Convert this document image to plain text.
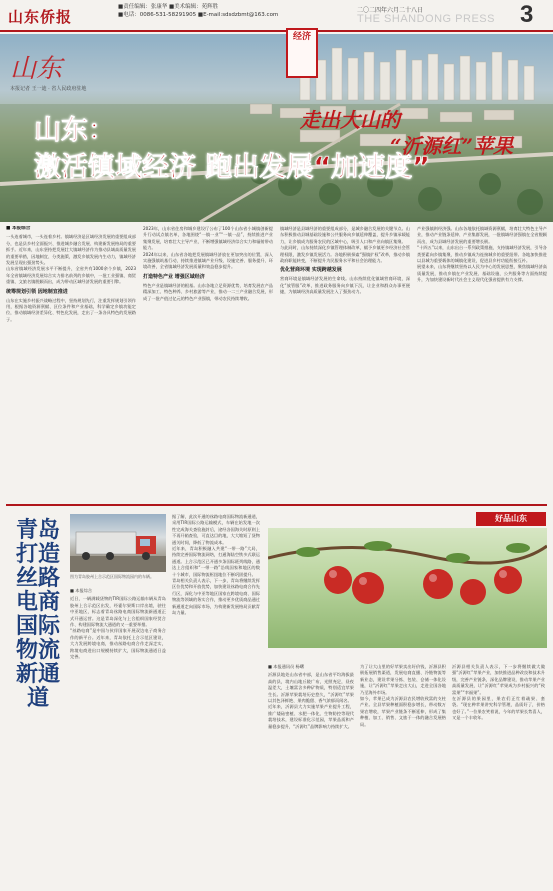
山东侨报
■责任编辑：张康华 ■美术编辑：苑辉胜
■电话：0086-531-58291905 ■E-mail:sdsdzbmt@163.com
二〇二四年六月二十八日
THE SHANDONG PRESS 3
山东
本报记者 王一迪 · 省人民政府驻地
山东：
激活镇域经济 跑出发展“加速度”
经济
■ 本报综合

一头连着城市，一头连着乡村。镇域经济是区域经济发展的重要组成部分，也是县乡村全面振兴、推进城乡融合发展、构建新发展格局的重要抓手。近年来，山东坚持把发展壮大镇域经济作为推动县域高质量发展的重要举措，因地制宜、分类施策，激发乡镇发展内生动力，镇域经济发展呈现出强劲势头。

山东省镇域经济发展水平不断提升，全省共有1000余个乡镇，2023年全省镇域经济发展综合实力排名前列的乡镇中，一批工业强镇、商贸重镇、文旅名镇脱颖而出，成为带动区域经济发展的重要引擎。

统筹规划引领 因地制宜推进

山东在实施乡村振兴战略过程中，坚持规划先行，注重发挥规划引领作用，根据各地资源禀赋、区位条件和产业基础，科学确定乡镇功能定位，推动镇域经济差异化、特色化发展，走出了一条各具特色的发展路子。

2023年，山东省住房和城乡建设厅公布了100个山东省小城镇创新提升行动试点镇名单，各地围绕“一镇一业”“一镇一品”，持续推进产业集聚发展，培育壮大主导产业，不断增强镇域经济综合实力和辐射带动能力。

2024年以来，山东省各地把发展镇域经济放在更加突出的位置，深入实施强镇筑基行动，持续推进镇域产业升级、设施完善、服务提升、环境改善，全省镇域经济发展质量和效益稳步提升。

打造特色产业 增强区域经济

特色产业是镇域经济的根基。山东各地立足资源优势，培育发展农产品精深加工、特色种养、乡村旅游等产业，推动一二三产业融合发展，形成了一批产值过亿元的特色产业强镇，带动农民持续增收。

镇域经济是县域经济的重要组成部分，是城乡融合发展的关键节点。山东积极推动县城基础设施和公共服务向乡镇延伸覆盖，提升乡镇承载能力，让乡镇成为服务农民的区域中心，吸引人口和产业向镇区集聚。

与此同时，山东持续深化乡镇管理体制改革，赋予乡镇更多经济社会管理权限，激发乡镇发展活力。各地积极探索“强镇扩权”改革，推动乡镇政府职能转变，不断提升为民服务水平和社会治理能力。

优化营商环境 实现跨越发展

营商环境是镇域经济发展的生命线。山东持续优化镇域营商环境，深化“放管服”改革，推进政务服务向乡镇下沉，让企业和群众办事更便捷，为镇域经济高质量发展注入了强劲动力。

产业强镇则经济强。山东各地依托镇域资源禀赋，培育壮大特色主导产业，推动产业链条延伸、产业集群发展，一批镇域经济强镇在全省脱颖而出，成为县域经济发展的重要增长极。

“十四五”以来，山东出台一系列政策措施，支持镇域经济发展，引导各类要素向乡镇集聚，推动乡镇成为连接城乡的重要纽带。各地加快推进以县城为重要载体的城镇化建设，促进县乡村功能衔接互补。

展望未来，山东将继续坚持以人民为中心的发展思想，聚焦镇域经济高质量发展，推动乡镇在产业发展、基础设施、公共服务等方面持续提升，为加快建设新时代社会主义现代化强省提供有力支撑。

青岛打造丝路电商国际物流新通道
图为青岛胶州上合示范区国际物流园内的车辆。
■ 本报综合

近日，一辆满载货物的TIR国际公路运输车辆从青岛胶州上合示范区出发，经霍尔果斯口岸出境，驶往中亚地区，标志着青岛丝路电商国际物流新通道正式开通运营。这是青岛深化与上合组织国家经贸合作、构建国际物流大通道的又一重要举措。

“丝路电商”是中国与伙伴国家开展双边电子商务合作的新平台。近年来，青岛依托上合示范区建设，大力发展跨境电商，推动丝路电商合作走深走实，跨境电商进出口规模持续扩大，国际物流通道日益完善。

据了解，此次开通的丝路电商国际物流新通道，采用TIR国际公路运输模式，车辆在始发地一次性完成海关查验施封后，途经各国海关时原则上不再开箱查验，可直达目的地，大大缩短了货物通关时间，降低了物流成本。

近年来，青岛积极融入共建“一带一路”大局，持续完善国际物流网络，打通海陆空铁多式联运通道。上合示范区已开通多条国际班列线路，通达上合组织和“一带一路”沿线国家和地区的数十个城市，国际物流枢纽地位不断巩固提升。

青岛相关负责人表示，下一步，青岛将继续发挥区位优势和开放优势，加快建设丝路电商合作先行区，深化与中亚等地区国家在跨境电商、国际物流等领域的务实合作，推动更多优质商品通过新通道走向国际市场，为构建新发展格局贡献青岛力量。

好品山东
走出大山的
“沂源红”苹果
■ 本报通讯员 杨曙

沂源县地处山东省中部，是山东省平均海拔最高的县，境内山地丘陵广布，光照充足，昼夜温差大，土壤富含多种矿物质，特别适宜苹果生长。沂源苹果栽培历史悠久，“沂源红”苹果以其色泽鲜艳、果肉脆甜、香气浓郁而闻名。

近年来，沂源县大力实施苹果产业提升工程，推广矮砧密植、水肥一体化、生物防控等现代栽培技术，建设标准化示范园，苹果品质和产量稳步提升，“沂源红”品牌影响力持续扩大。

为了让大山里的好苹果卖出好价钱，沂源县积极拓展销售渠道，发展电商直播、冷链物流等新业态，建设苹果分拣、包装、仓储一体化设施，让“沂源红”苹果走出大山，走进全国各地乃至海外市场。

如今，苹果已成为沂源县农民增收致富的支柱产业。全县苹果种植面积稳步增长，带动数万果农增收，苹果产业链条不断延伸，形成了集种植、加工、销售、文旅于一体的融合发展格局。

沂源县相关负责人表示，下一步将继续做大做强“沂源红”苹果产业，加快推进品种改良和技术升级，完善产业链条，深化品牌建设，推动苹果产业高质量发展，让“沂源红”苹果成为乡村振兴的“致富果”“幸福果”。

在沂源县的果园里，果农们正忙着疏果、套袋。“现在种苹果讲究科学管理，品质好了，价格也好了。”一位果农笑着说，今年的苹果长势喜人，又是一个丰收年。
